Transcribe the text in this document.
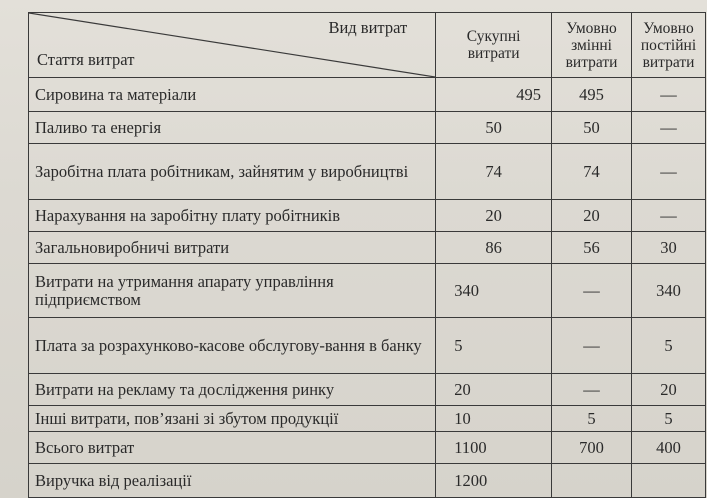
Вид витрат
Стаття витрат	Сукупні витрати	Умовно змінні витрати	Умовно постійні витрати
Сировина та матеріали	495	495	—
Паливо та енергія	50	50	—
Заробітна плата робітникам, зайнятим у виробництві	74	74	—
Нарахування на заробітну плату робітників	20	20	—
Загальновиробничі витрати	86	56	30
Витрати на утримання апарату управління підприємством	340	—	340
Плата за розрахунково-касове обслугову-вання в банку	5	—	5
Витрати на рекламу та дослідження ринку	20	—	20
Інші витрати, пов’язані зі збутом продукції	10	5	5
Всього витрат	1100	700	400
Виручка від реалізації	1200		
